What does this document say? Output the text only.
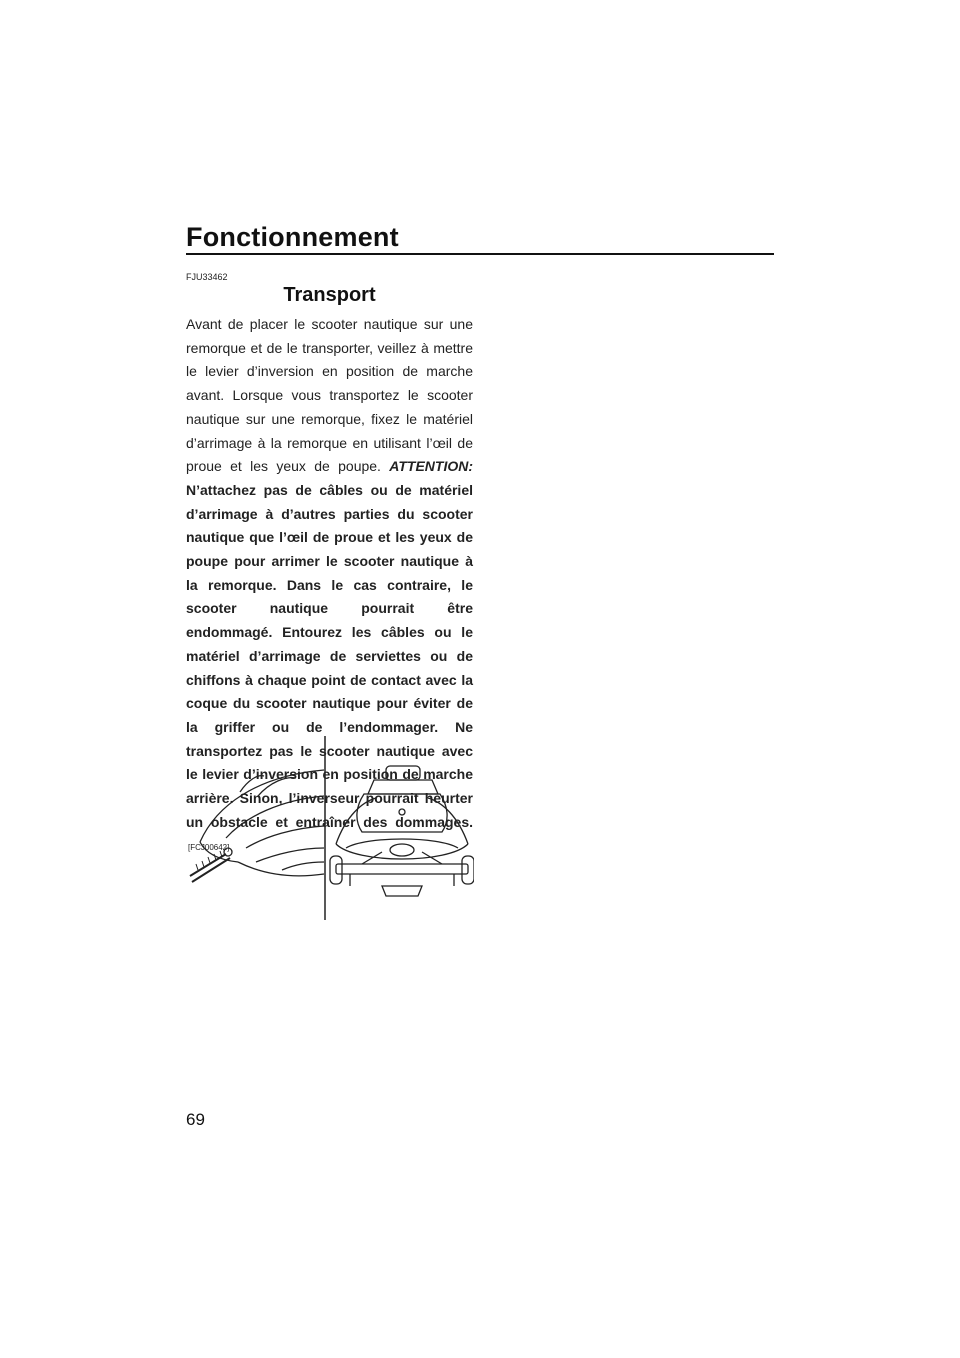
Fonctionnement
FJU33462
Transport
Avant de placer le scooter nautique sur une remorque et de le transporter, veillez à mettre le levier d’inversion en position de marche avant. Lorsque vous transportez le scooter nautique sur une remorque, fixez le matériel d’arrimage à la remorque en utilisant l’œil de proue et les yeux de poupe. ATTENTION: N’attachez pas de câbles ou de matériel d’arrimage à d’autres parties du scooter nautique que l’œil de proue et les yeux de poupe pour arrimer le scooter nautique à la remorque. Dans le cas contraire, le scooter nautique pourrait être endommagé. Entourez les câbles ou le matériel d’arrimage de serviettes ou de chiffons à chaque point de contact avec la coque du scooter nautique pour éviter de la griffer ou de l’endommager. Ne transportez pas le scooter nautique avec le levier d’inversion en position de marche arrière. Sinon, l’inverseur pourrait heurter un obstacle et entraîner des dommages.[FCJ00642]
69
